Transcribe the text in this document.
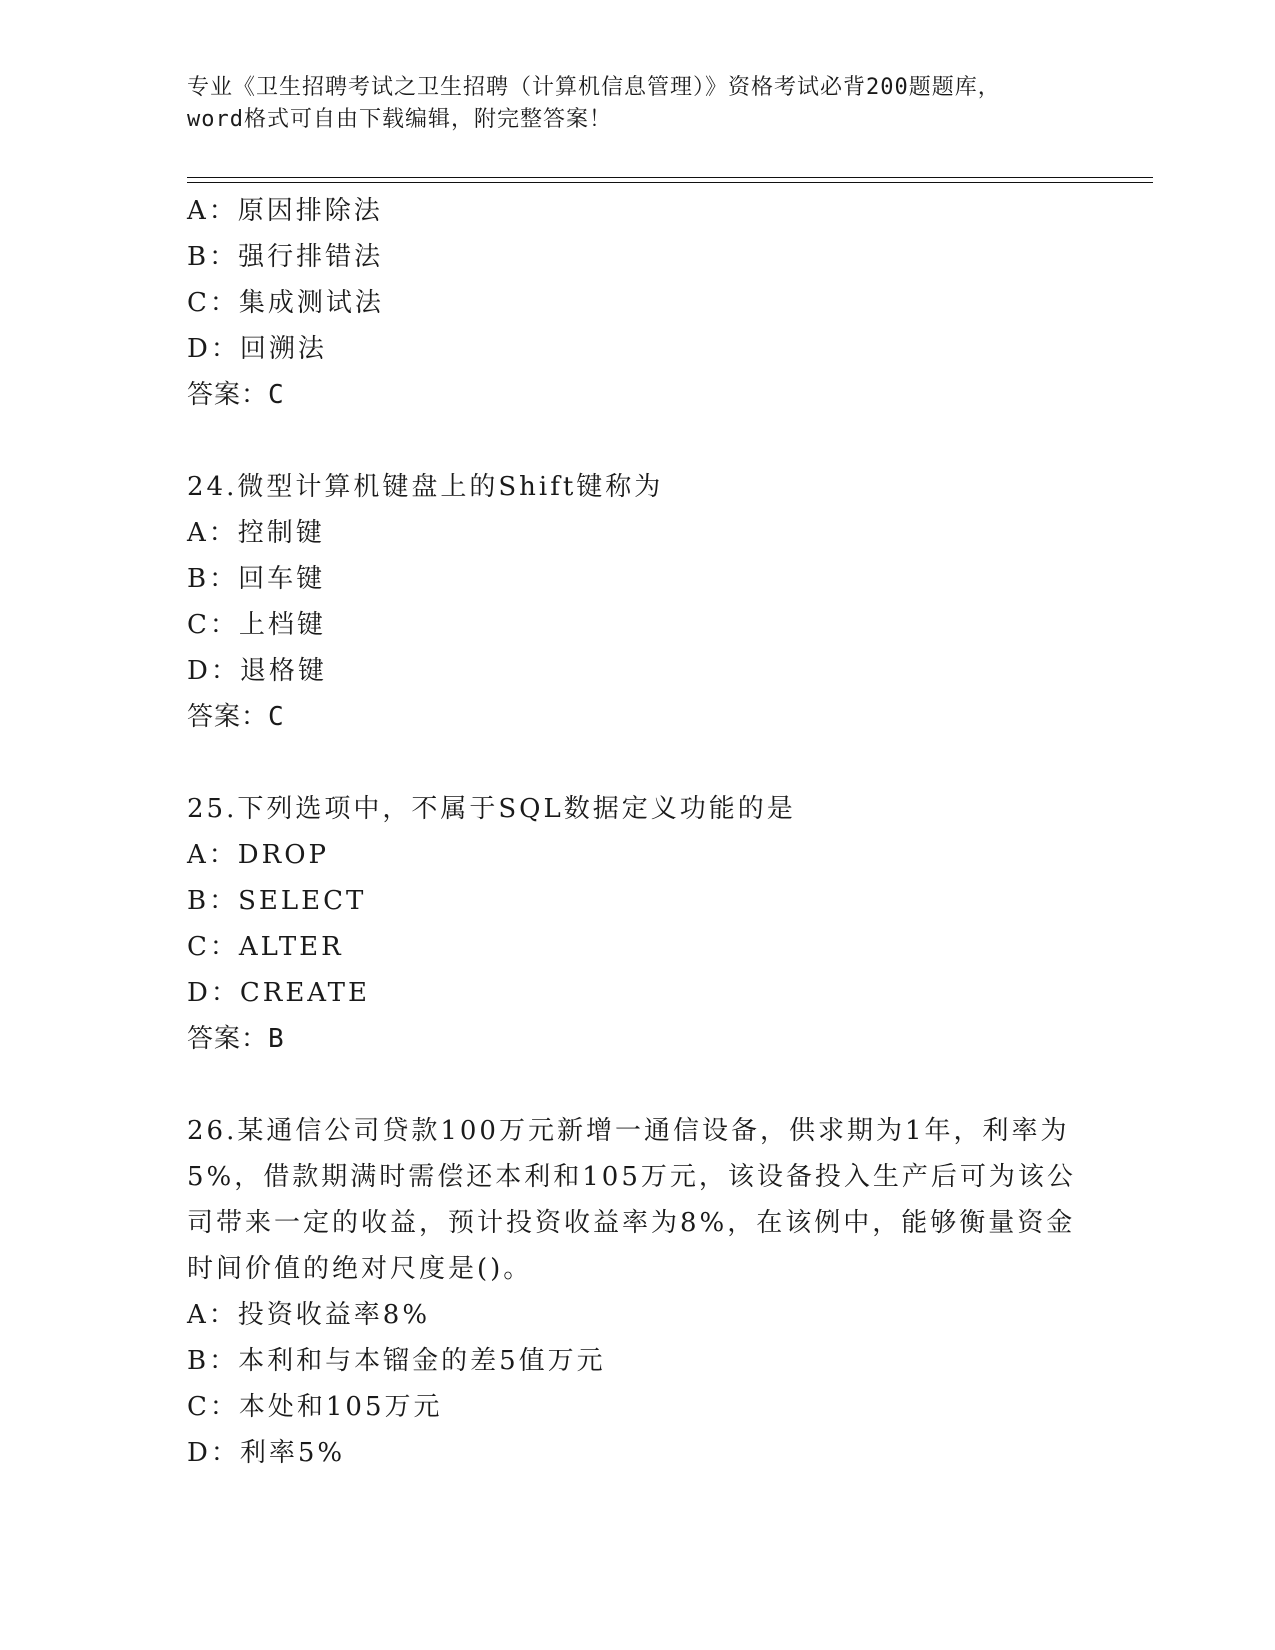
专业《卫生招聘考试之卫生招聘（计算机信息管理）》资格考试必背200题题库，
word格式可自由下载编辑，附完整答案！
A：原因排除法
B：强行排错法
C：集成测试法
D：回溯法
答案：C
24.微型计算机键盘上的Shift键称为
A：控制键
B：回车键
C：上档键
D：退格键
答案：C
25.下列选项中，不属于SQL数据定义功能的是
A：DROP
B：SELECT
C：ALTER
D：CREATE
答案：B
26.某通信公司贷款100万元新增一通信设备，供求期为1年，利率为
5%，借款期满时需偿还本利和105万元，该设备投入生产后可为该公
司带来一定的收益，预计投资收益率为8%，在该例中，能够衡量资金
时间价值的绝对尺度是()。
A：投资收益率8%
B：本利和与本镏金的差5值万元
C：本处和105万元
D：利率5%
